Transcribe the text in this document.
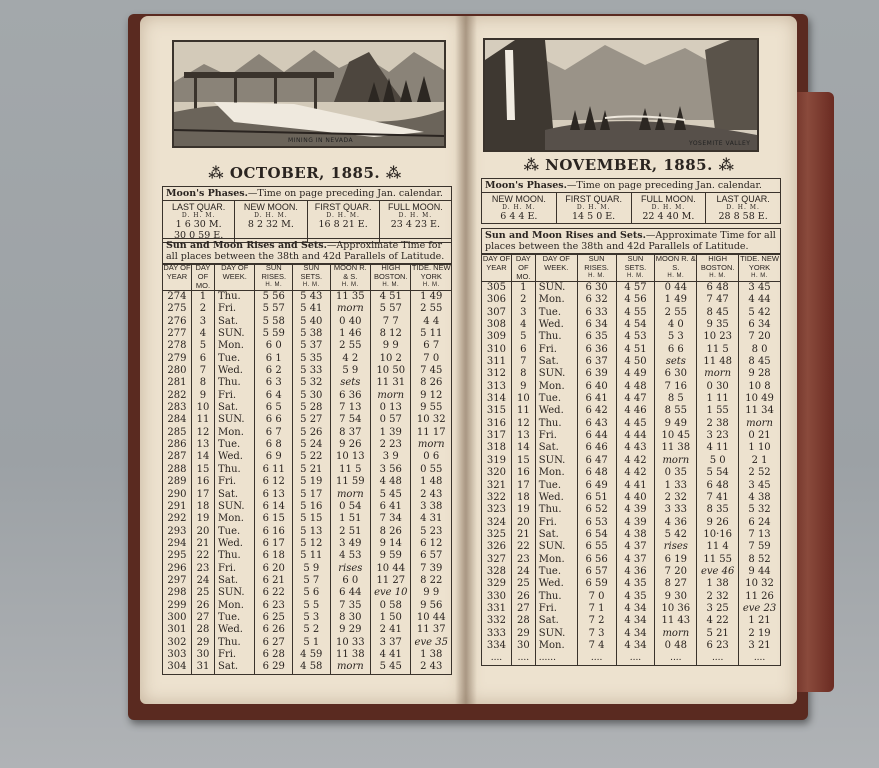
MINING IN NEVADA
⁂ OCTOBER, 1885. ⁂
Moon's Phases.—Time on page preceding Jan. calendar.
LAST QUAR.
D. H. M.
1 6 30 M.
30 0 59 E.
NEW MOON.
D. H. M.
8 2 32 M.
FIRST QUAR.
D. H. M.
16 8 21 E.
FULL MOON.
D. H. M.
23 4 23 E.
Sun and Moon Rises and Sets.—Approximate Time for all places between the 38th and 42d Parallels of Latitude.
DAY OF YEAR	DAY OF MO.	DAY OF WEEK.	SUN RISES.
H. M.	SUN SETS.
H. M.	MOON R. & S.
H. M.	HIGH BOSTON.
H. M.	TIDE. NEW YORK
H. M.

274	1	Thu.	5 56	5 43	11 35	4 51	1 49
275	2	Fri.	5 57	5 41	morn	5 57	2 55
276	3	Sat.	5 58	5 40	0 40	7 7	4 4
277	4	SUN.	5 59	5 38	1 46	8 12	5 11
278	5	Mon.	6 0	5 37	2 55	9 9	6 7
279	6	Tue.	6 1	5 35	4 2	10 2	7 0
280	7	Wed.	6 2	5 33	5 9	10 50	7 45
281	8	Thu.	6 3	5 32	sets	11 31	8 26
282	9	Fri.	6 4	5 30	6 36	morn	9 12
283	10	Sat.	6 5	5 28	7 13	0 13	9 55
284	11	SUN.	6 6	5 27	7 54	0 57	10 32
285	12	Mon.	6 7	5 26	8 37	1 39	11 17
286	13	Tue.	6 8	5 24	9 26	2 23	morn
287	14	Wed.	6 9	5 22	10 13	3 9	0 6
288	15	Thu.	6 11	5 21	11 5	3 56	0 55
289	16	Fri.	6 12	5 19	11 59	4 48	1 48
290	17	Sat.	6 13	5 17	morn	5 45	2 43
291	18	SUN.	6 14	5 16	0 54	6 41	3 38
292	19	Mon.	6 15	5 15	1 51	7 34	4 31
293	20	Tue.	6 16	5 13	2 51	8 26	5 23
294	21	Wed.	6 17	5 12	3 49	9 14	6 12
295	22	Thu.	6 18	5 11	4 53	9 59	6 57
296	23	Fri.	6 20	5 9	rises	10 44	7 39
297	24	Sat.	6 21	5 7	6 0	11 27	8 22
298	25	SUN.	6 22	5 6	6 44	eve 10	9 9
299	26	Mon.	6 23	5 5	7 35	0 58	9 56
300	27	Tue.	6 25	5 3	8 30	1 50	10 44
301	28	Wed.	6 26	5 2	9 29	2 41	11 37
302	29	Thu.	6 27	5 1	10 33	3 37	eve 35
303	30	Fri.	6 28	4 59	11 38	4 41	1 38
304	31	Sat.	6 29	4 58	morn	5 45	2 43
YOSEMITE VALLEY
⁂ NOVEMBER, 1885. ⁂
Moon's Phases.—Time on page preceding Jan. calendar.
NEW MOON.
D. H. M.
6 4 4 E.
FIRST QUAR.
D. H. M.
14 5 0 E.
FULL MOON.
D. H. M.
22 4 40 M.
LAST QUAR.
D. H. M.
28 8 58 E.
Sun and Moon Rises and Sets.—Approximate Time for all places between the 38th and 42d Parallels of Latitude.
DAY OF YEAR	DAY OF MO.	DAY OF WEEK.	SUN RISES.
H. M.	SUN SETS.
H. M.	MOON R. & S.
H. M.	HIGH BOSTON.
H. M.	TIDE. NEW YORK
H. M.

305	1	SUN.	6 30	4 57	0 44	6 48	3 45
306	2	Mon.	6 32	4 56	1 49	7 47	4 44
307	3	Tue.	6 33	4 55	2 55	8 45	5 42
308	4	Wed.	6 34	4 54	4 0	9 35	6 34
309	5	Thu.	6 35	4 53	5 3	10 23	7 20
310	6	Fri.	6 36	4 51	6 6	11 5	8 0
311	7	Sat.	6 37	4 50	sets	11 48	8 45
312	8	SUN.	6 39	4 49	6 30	morn	9 28
313	9	Mon.	6 40	4 48	7 16	0 30	10 8
314	10	Tue.	6 41	4 47	8 5	1 11	10 49
315	11	Wed.	6 42	4 46	8 55	1 55	11 34
316	12	Thu.	6 43	4 45	9 49	2 38	morn
317	13	Fri.	6 44	4 44	10 45	3 23	0 21
318	14	Sat.	6 46	4 43	11 38	4 11	1 10
319	15	SUN.	6 47	4 42	morn	5 0	2 1
320	16	Mon.	6 48	4 42	0 35	5 54	2 52
321	17	Tue.	6 49	4 41	1 33	6 48	3 45
322	18	Wed.	6 51	4 40	2 32	7 41	4 38
323	19	Thu.	6 52	4 39	3 33	8 35	5 32
324	20	Fri.	6 53	4 39	4 36	9 26	6 24
325	21	Sat.	6 54	4 38	5 42	10·16	7 13
326	22	SUN.	6 55	4 37	rises	11 4	7 59
327	23	Mon.	6 56	4 37	6 19	11 55	8 52
328	24	Tue.	6 57	4 36	7 20	eve 46	9 44
329	25	Wed.	6 59	4 35	8 27	1 38	10 32
330	26	Thu.	7 0	4 35	9 30	2 32	11 26
331	27	Fri.	7 1	4 34	10 36	3 25	eve 23
332	28	Sat.	7 2	4 34	11 43	4 22	1 21
333	29	SUN.	7 3	4 34	morn	5 21	2 19
334	30	Mon.	7 4	4 34	0 48	6 23	3 21
....	....	......	....	....	....	....	....
